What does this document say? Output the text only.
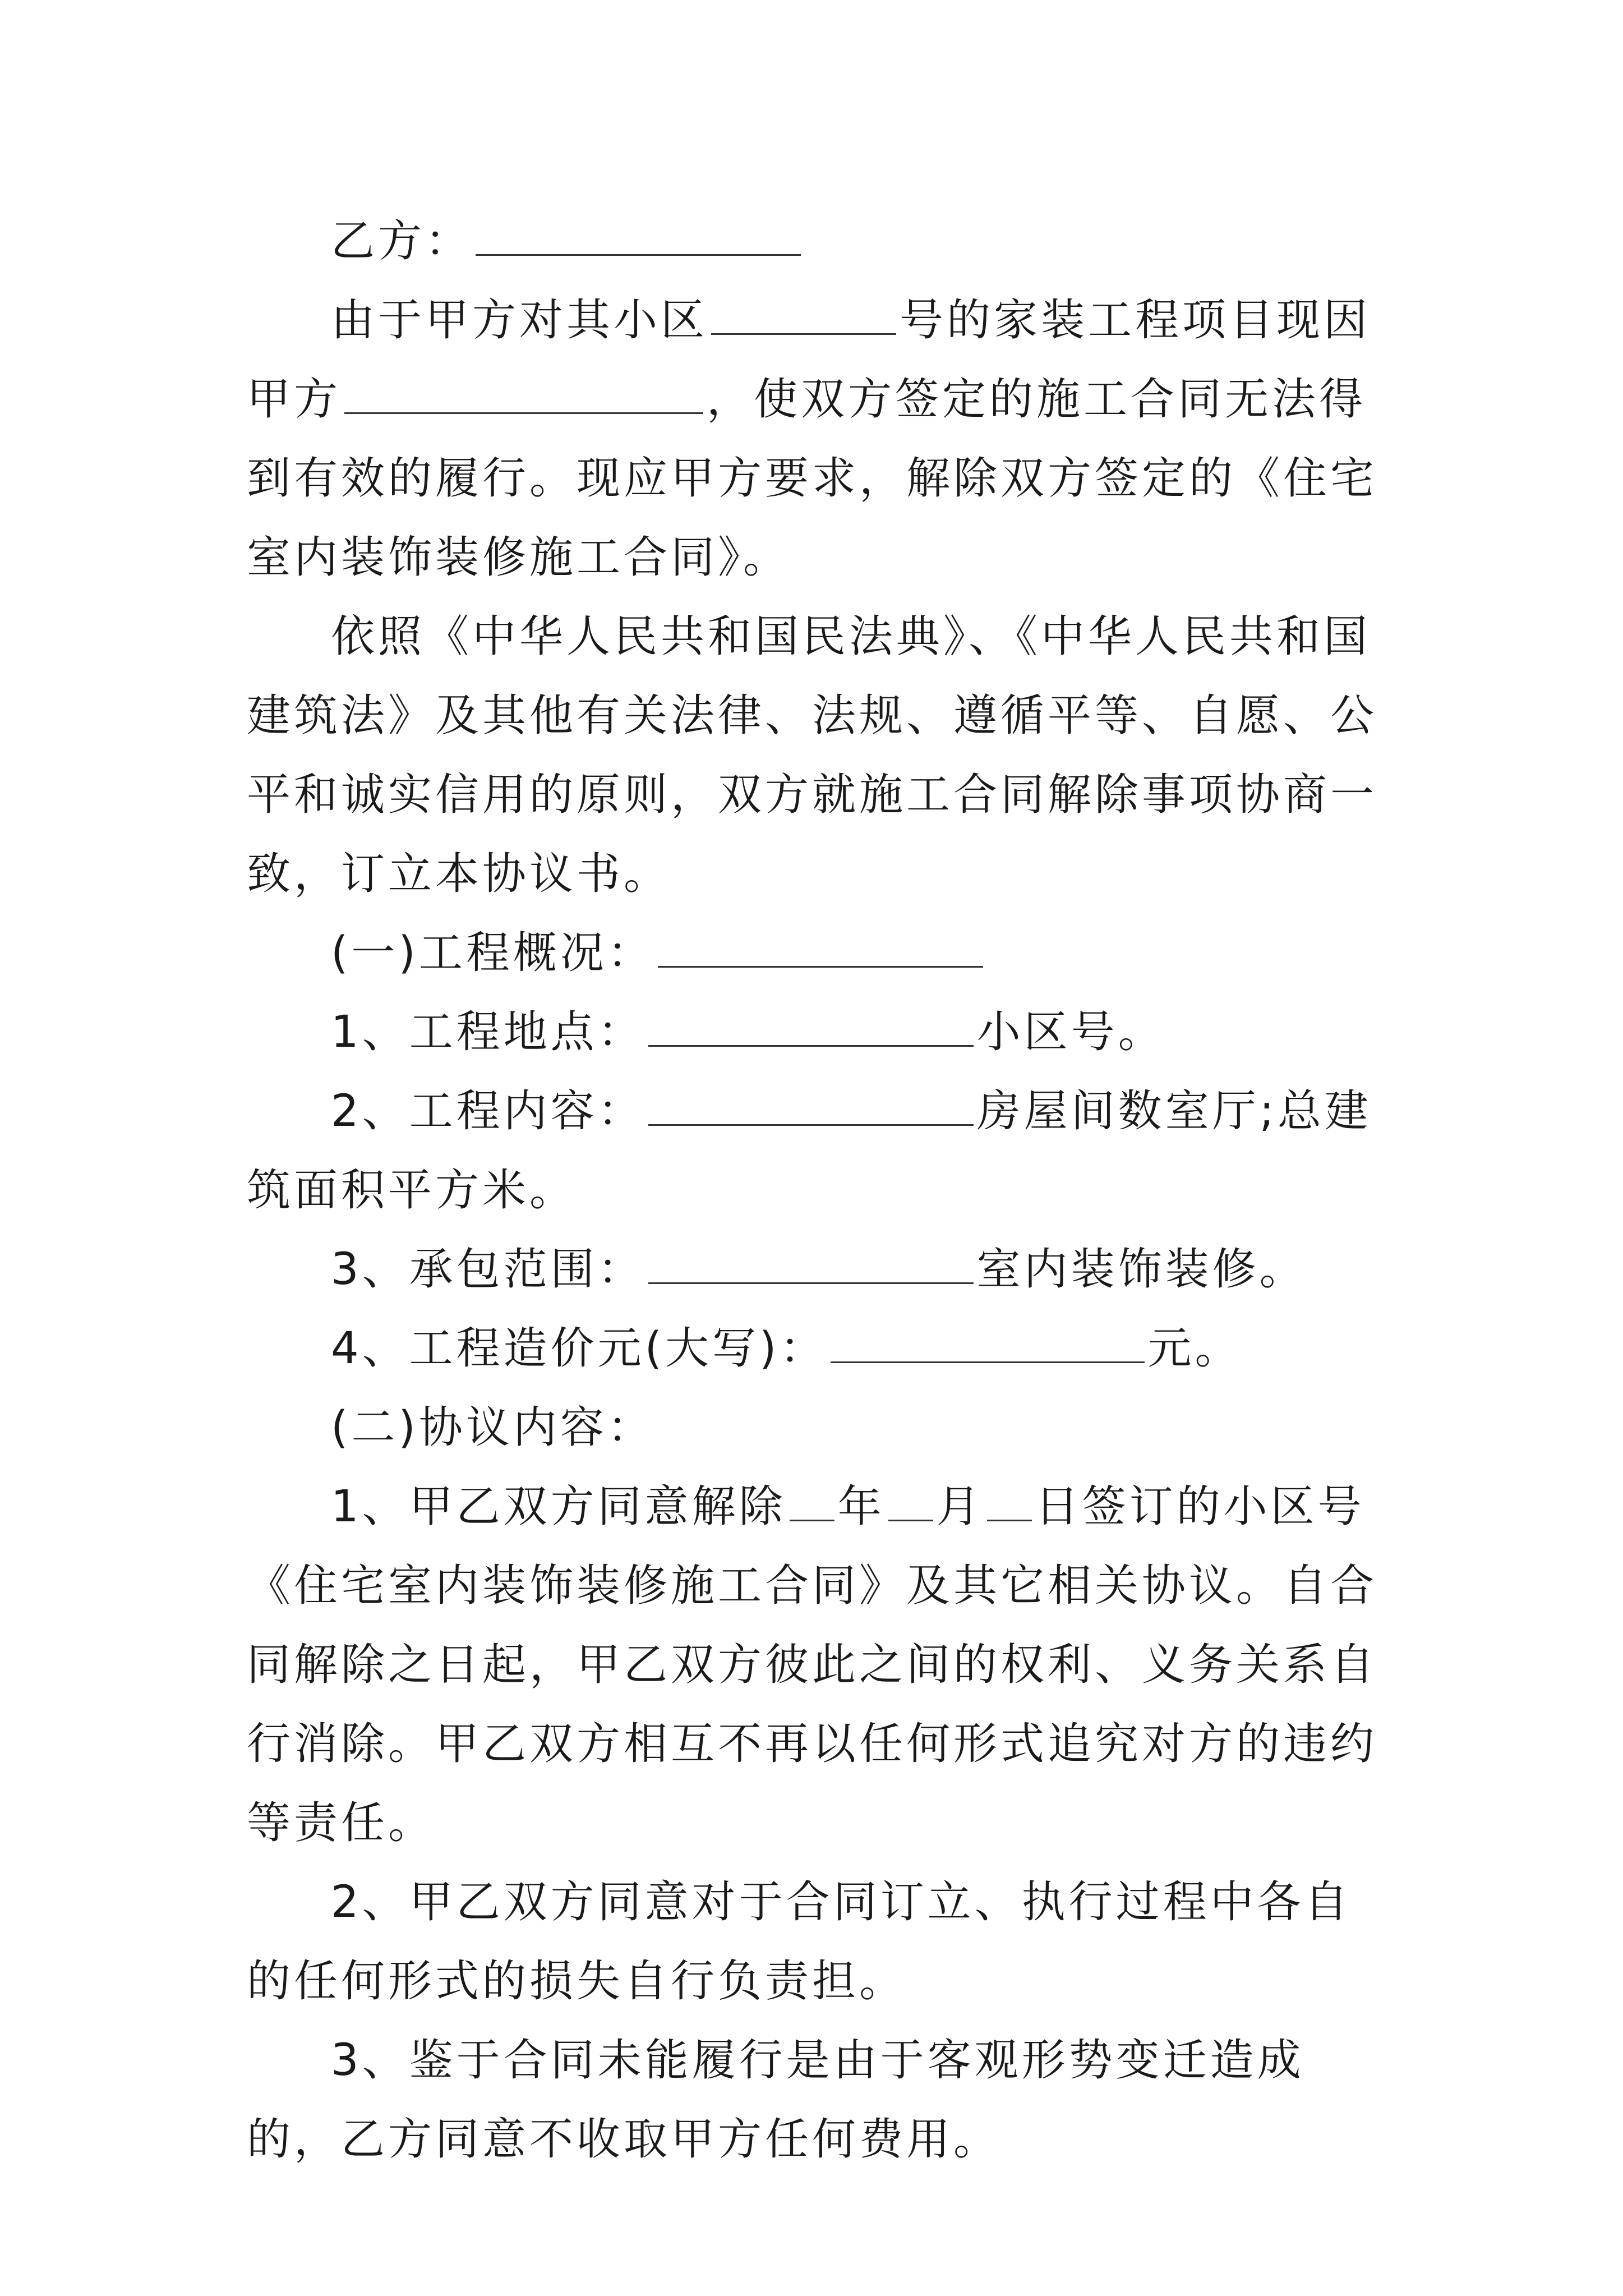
乙方：

由于甲方对其小区	号的家装工程项目现因甲方	，使双方签定的施工合同无法得到有效的履行。现应甲方要求，解除双方签定的《住宅室内装饰装修施工合同》。

依照《中华人民共和国民法典》、《中华人民共和国建筑法》及其他有关法律、法规、遵循平等、自愿、公平和诚实信用的原则，双方就施工合同解除事项协商一致，订立本协议书。

(一)工程概况：

1、工程地点：	小区号。

2、工程内容：	房屋间数室厅;总建筑面积平方米。

3、承包范围：	室内装饰装修。

4、工程造价元(大写)：	元。

(二)协议内容：

1、甲乙双方同意解除 年 月 日签订的小区号《住宅室内装饰装修施工合同》及其它相关协议。自合同解除之日起，甲乙双方彼此之间的权利、义务关系自行消除。甲乙双方相互不再以任何形式追究对方的违约等责任。

2、甲乙双方同意对于合同订立、执行过程中各自的任何形式的损失自行负责担。

3、鉴于合同未能履行是由于客观形势变迁造成的，乙方同意不收取甲方任何费用。
